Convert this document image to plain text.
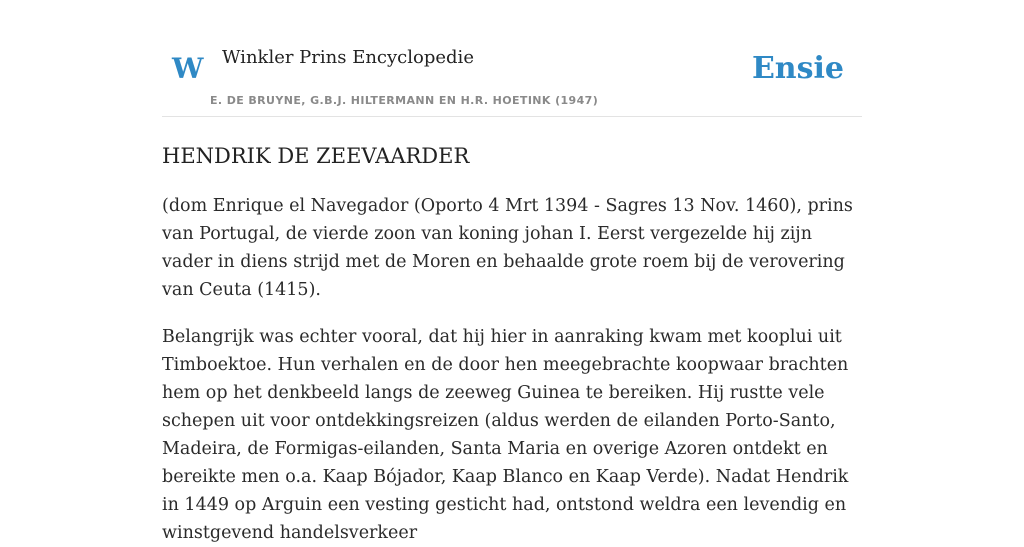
W Winkler Prins Encyclopedie
E. DE BRUYNE, G.B.J. HILTERMANN EN H.R. HOETINK (1947)
Ensie
HENDRIK DE ZEEVAARDER

(dom Enrique el Navegador (Oporto 4 Mrt 1394 - Sagres 13 Nov. 1460), prins van Portugal, de vierde zoon van koning johan I. Eerst vergezelde hij zijn vader in diens strijd met de Moren en behaalde grote roem bij de verovering van Ceuta (1415).

Belangrijk was echter vooral, dat hij hier in aanraking kwam met kooplui uit Timboektoe. Hun verhalen en de door hen meegebrachte koopwaar brachten hem op het denkbeeld langs de zeeweg Guinea te bereiken. Hij rustte vele schepen uit voor ontdekkingsreizen (aldus werden de eilanden Porto-Santo, Madeira, de Formigas-eilanden, Santa Maria en overige Azoren ontdekt en bereikte men o.a. Kaap Bójador, Kaap Blanco en Kaap Verde). Nadat Hendrik in 1449 op Arguin een vesting gesticht had, ontstond weldra een levendig en winstgevend handelsverkeer
